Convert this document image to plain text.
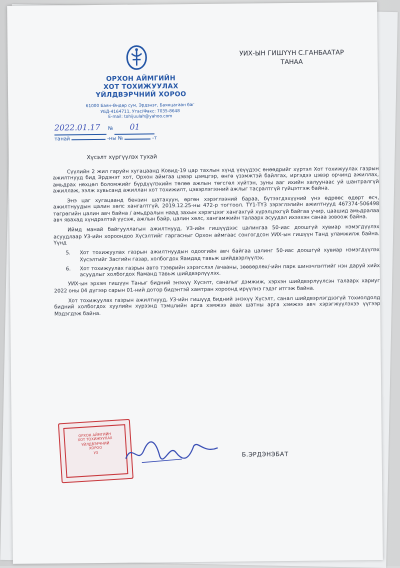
ОРХОН АЙМГИЙН
ХОТ ТОХИЖУУЛАХ
ҮЙЛДВЭРЧНИЙ ХОРОО
61000 Баян-Өндөр сум, Эрдэнэт, Баянцагаан баг
УБД-4164711, Утас/Факс: 7035-8648
Е-mail: tohijuulah@yahoo.com
2022.01.17 № 01
танай	-ны №	-т
УИХ-ЫН ГИШҮҮН С.ГАНБААТАР
ТАНАА
Хүсэлт хүргүүлэх тухай

Сүүлийн 2 жил гаруйн хугацаанд Ковид-19 цар тахлын хүнд үеүүдээс өнөөдрийг хүртэл Хот тохижуулах газрын ажилтнууд бид Эрдэнэт хот, Орхон аймгаа цэвэр цэмцгэр, өнгө үзэмжтэй байлгах, иргэдээ цэвэр орчинд ажиллах, амьдрах нөхцөл боломжийг бүрдүүлэхийн төлөө ажлын төгсгөл хүйтэн, зуны ааг ихийн халуунаас уй шантралгүй ажиллаж, ээлж хувьсанд ажиллан хот тохижилт, цэвэрлэгээний ажлыг тасралтгүй гүйцэтгэж байна.

Энэ цаг хугацаанд бензин шатахуун, өргөн хэрэглээний бараа, бүтээгдэхүүний үнэ өдрөөс өдөрт өсч, ажилтнуудын цалин хөлс хангалтгүй, 2019.12.25-ны 472-р тогтоол. ТҮ1-ТҮ3 зэрэглэлийн ажилтнууд 467374-506498 төгрөгийн цалин авч байна / амьдралын наад захын хэрэгцээг хангахгүй хүрэлцэхгүй байгаа учир, цаашид амьдралаа авч явахад хүндрэлтэй үүсэж, ажлын байр, цалин хөлс, хангамжийн талаарх асуудал ихээхэн санаа зовоож байна.

Иймд манай байгууллагын ажилтнууд, УЗ-ийн гишүүдээс цалингаа 50-иас доошгүй хувиар нэмэгдүүлэх асуудлаар УЗ-ийн хороондоо Хүсэлтийг гаргасныг Орхон аймгаас сонгогдсон УИХ-ын гишүүн Танд уламжилж байна. Үүнд

5. Хот тохижуулах газрын ажилтнуудын одоогийн авч байгаа цалинг 50-иас доошгүй хувиар нэмэгдүүлэх Хүсэлтийг Засгийн газар, холбогдох Яамдад тавьж шийдвэрлүүлэх.

6. Хот тохижуулах газрын авто тээврийн хэрэгслэл /ачааны, зөөвөрлөх/-ийн парк шинэчлэлтийг нэн даруй хийх асуудлыг холбогдох Яаманд тавьж шийдвэрлүүлэх.

УИХ-ын эрхэм гишүүн Таныг бидний энэхүү Хүсэлт, саналыг дэмжиж, хэрхэн шийдвэрлүүлсэн талаарх хариуг 2022 оны 04 дүгээр сарын 01-ний дотор бидэнтэй хамтран хороонд ирүүлнэ гэдэг итгэж байна.

Хот тохижуулах газрын ажилтнууд, УЗ-ийн гишүүд бидний энэхүү Хүсэлт, санал шийдвэрлэгдээгүй тохиолдолд бидний холбогдох хуулийн хүрээнд тэмцлийн арга хэмжээ авах шатны арга хэмжээ авч хэрэгжүүлэхээ үүгээр Мэдэгдэж байна.

ОРХОН АЙМГИЙН
ХОТ ТОХИЖУУЛАХ
ҮЙЛДВЭРЧНИЙ
ХОРОО
УЗ	Б.ЭРДЭНЭБАТ
